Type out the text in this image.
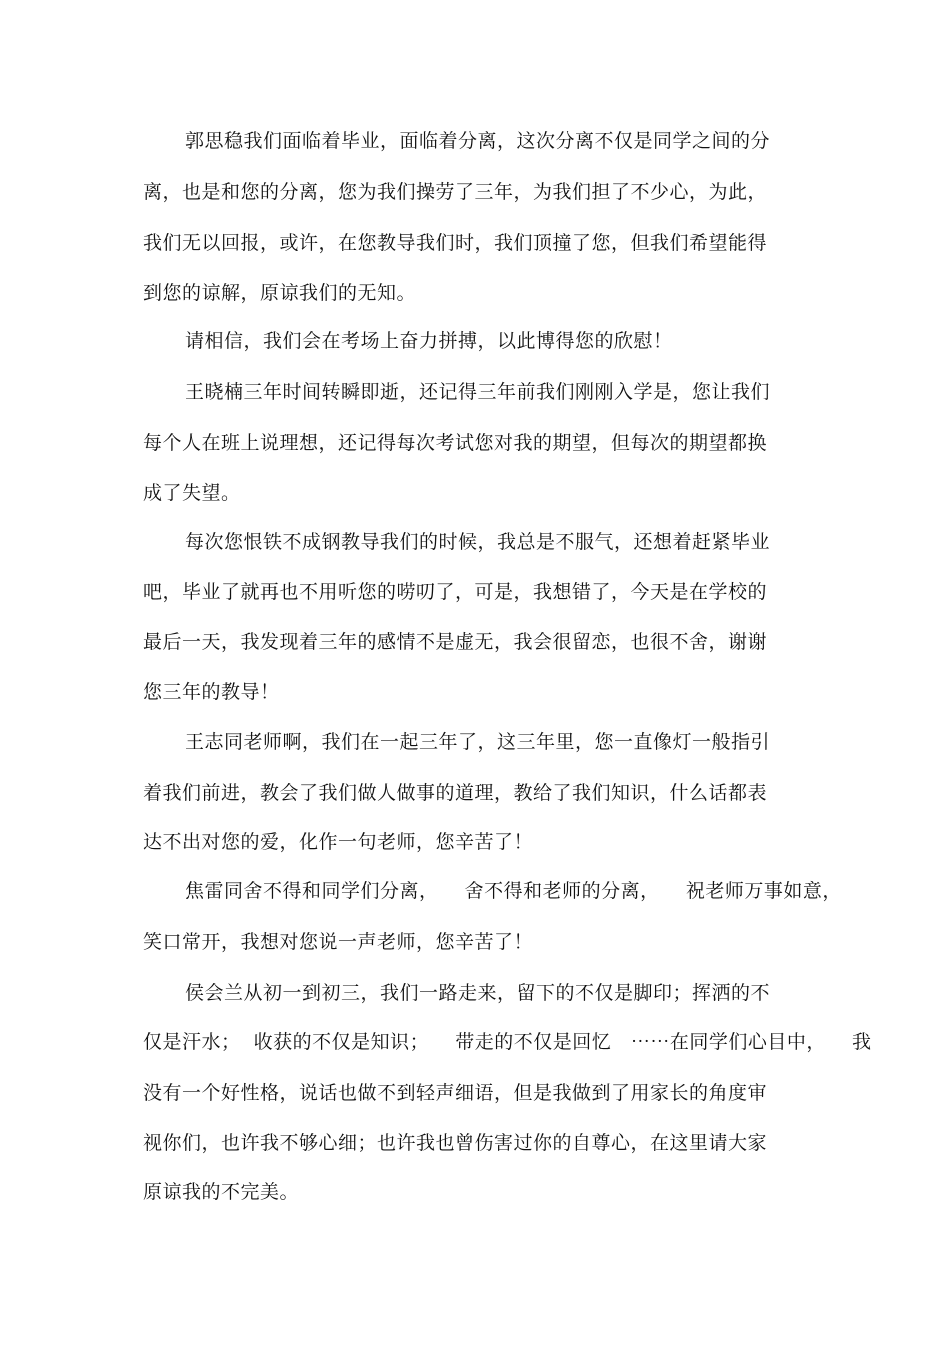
郭思稳我们面临着毕业，面临着分离，这次分离不仅是同学之间的分
离，也是和您的分离，您为我们操劳了三年，为我们担了不少心，为此，
我们无以回报，或许，在您教导我们时，我们顶撞了您，但我们希望能得
到您的谅解，原谅我们的无知。
请相信，我们会在考场上奋力拼搏，以此博得您的欣慰！
王晓楠三年时间转瞬即逝，还记得三年前我们刚刚入学是，您让我们
每个人在班上说理想，还记得每次考试您对我的期望，但每次的期望都换
成了失望。
每次您恨铁不成钢教导我们的时候，我总是不服气，还想着赶紧毕业
吧，毕业了就再也不用听您的唠叨了，可是，我想错了，今天是在学校的
最后一天，我发现着三年的感情不是虚无，我会很留恋，也很不舍，谢谢
您三年的教导！
王志同老师啊，我们在一起三年了，这三年里，您一直像灯一般指引
着我们前进，教会了我们做人做事的道理，教给了我们知识，什么话都表
达不出对您的爱，化作一句老师，您辛苦了！
焦雷同舍不得和同学们分离，    舍不得和老师的分离，    祝老师万事如意，
笑口常开，我想对您说一声老师，您辛苦了！
侯会兰从初一到初三，我们一路走来，留下的不仅是脚印；挥洒的不
仅是汗水；  收获的不仅是知识；    带走的不仅是回忆   ⋯⋯在同学们心目中，    我
没有一个好性格，说话也做不到轻声细语，但是我做到了用家长的角度审
视你们，也许我不够心细；也许我也曾伤害过你的自尊心，在这里请大家
原谅我的不完美。
